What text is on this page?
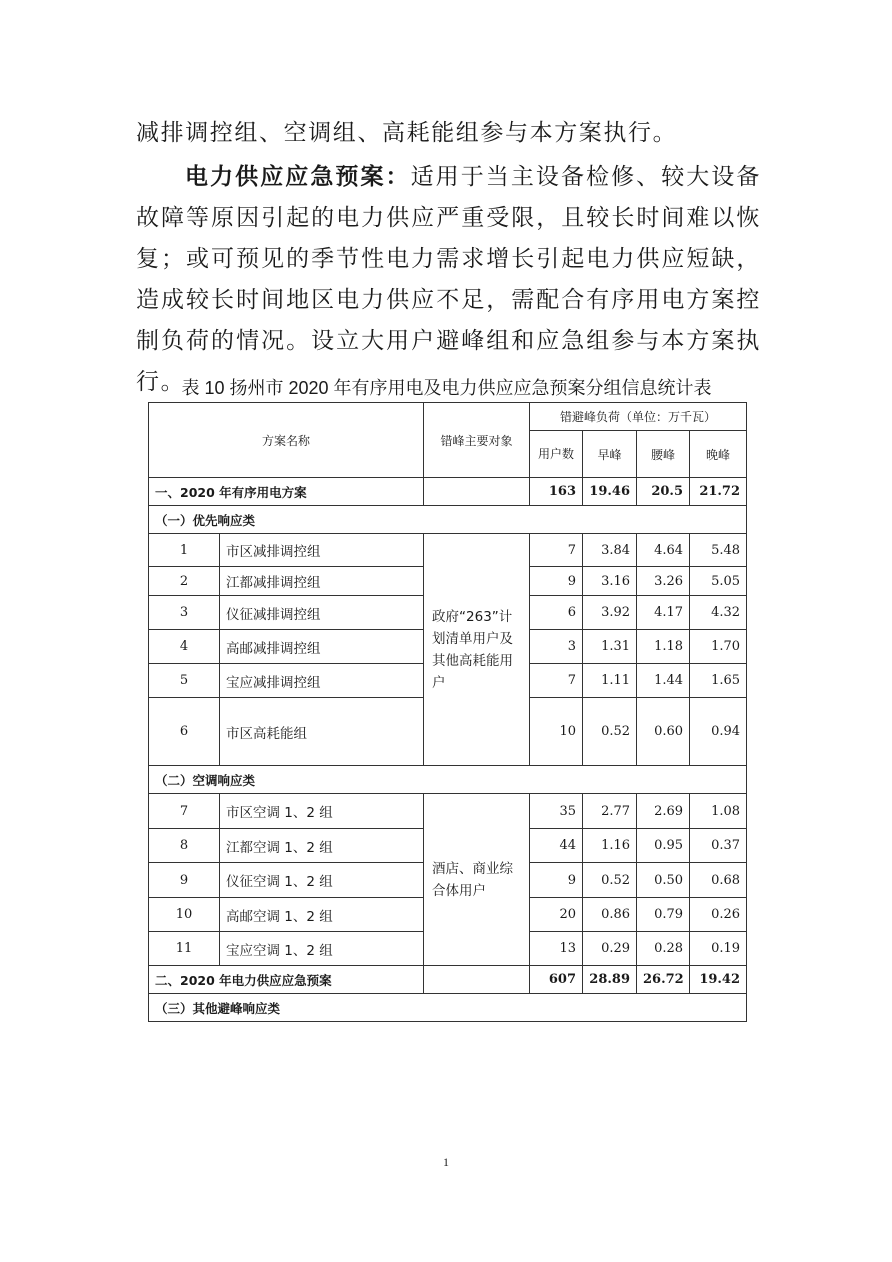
减排调控组、空调组、高耗能组参与本方案执行。

电力供应应急预案：适用于当主设备检修、较大设备故障等原因引起的电力供应严重受限，且较长时间难以恢复；或可预见的季节性电力需求增长引起电力供应短缺，造成较长时间地区电力供应不足，需配合有序用电方案控制负荷的情况。设立大用户避峰组和应急组参与本方案执行。

表 10 扬州市 2020 年有序用电及电力供应应急预案分组信息统计表
方案名称		错峰主要对象	错避峰负荷（单位：万千瓦）			
			用户数	早峰	腰峰	晚峰
一、2020 年有序用电方案			163	19.46	20.5	21.72
（一）优先响应类						
1	市区减排调控组	政府“263”计划清单用户及其他高耗能用户	7	3.84	4.64	5.48
2	江都减排调控组		9	3.16	3.26	5.05
3	仪征减排调控组		6	3.92	4.17	4.32
4	高邮减排调控组		3	1.31	1.18	1.70
5	宝应减排调控组		7	1.11	1.44	1.65
6	市区高耗能组		10	0.52	0.60	0.94
（二）空调响应类						
7	市区空调 1、2 组	酒店、商业综合体用户	35	2.77	2.69	1.08
8	江都空调 1、2 组		44	1.16	0.95	0.37
9	仪征空调 1、2 组		9	0.52	0.50	0.68
10	高邮空调 1、2 组		20	0.86	0.79	0.26
11	宝应空调 1、2 组		13	0.29	0.28	0.19
二、2020 年电力供应应急预案			607	28.89	26.72	19.42
（三）其他避峰响应类						
1
